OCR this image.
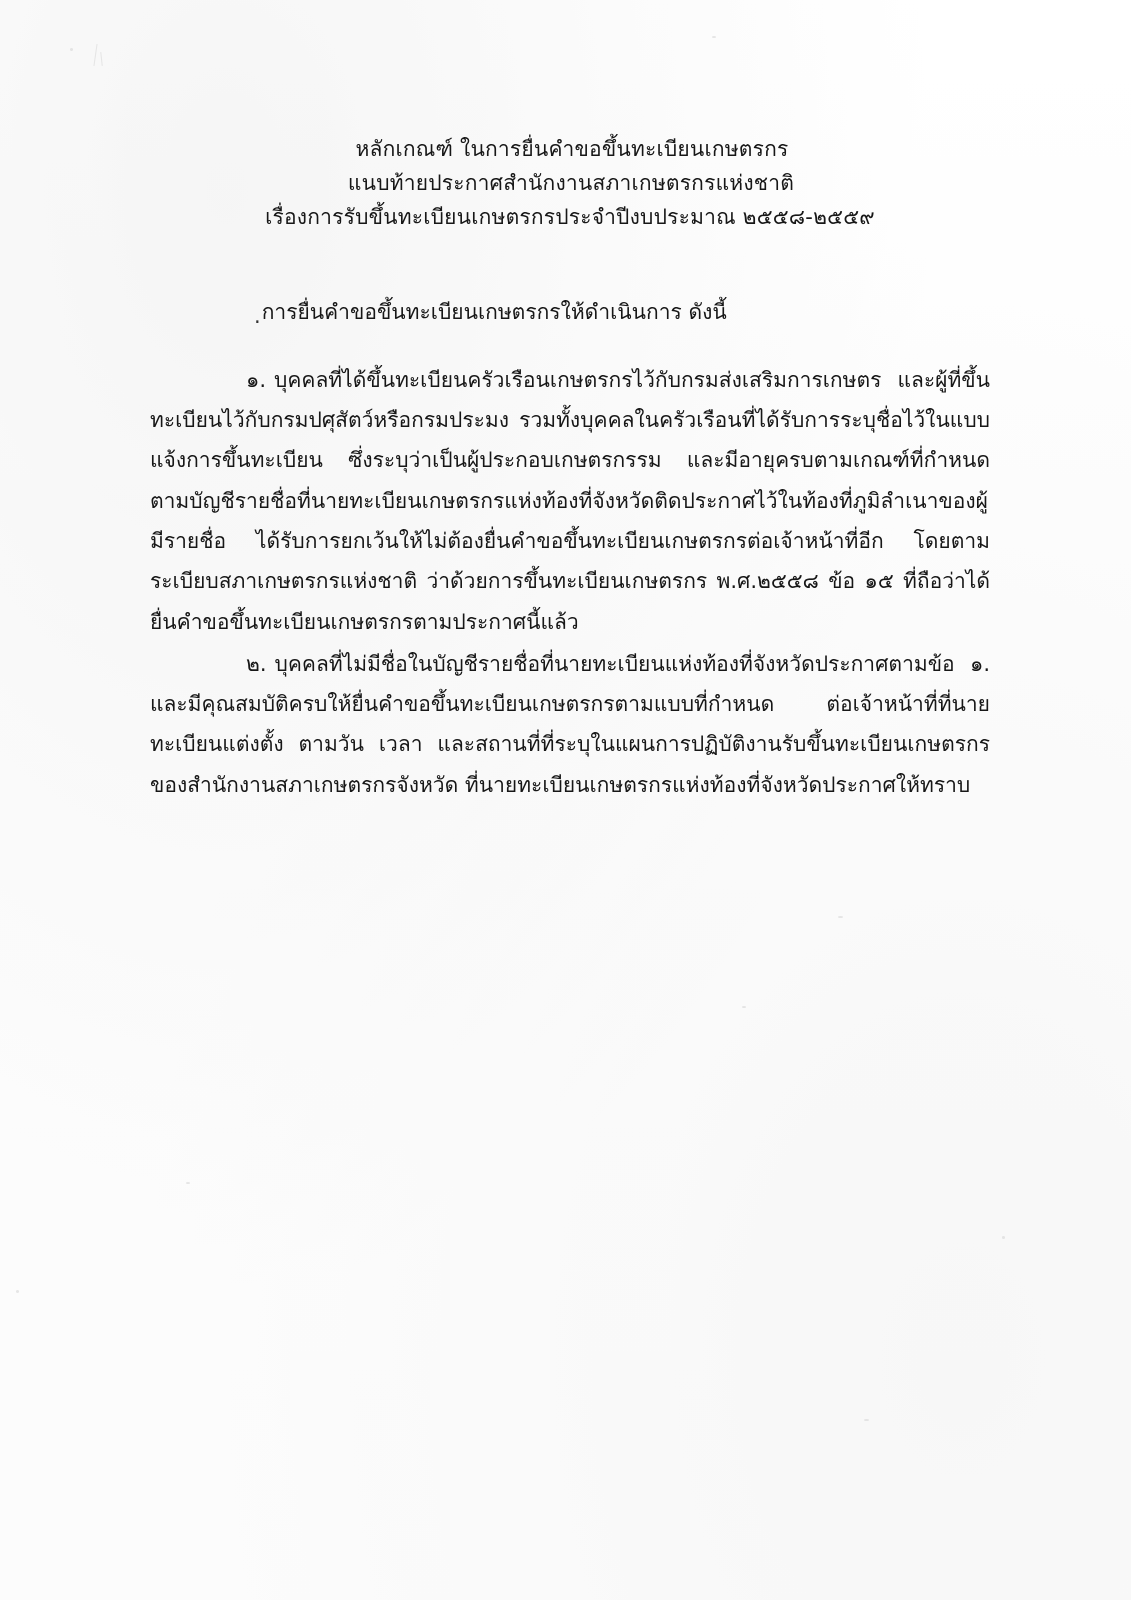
หลักเกณฑ์ ในการยื่นคำขอขึ้นทะเบียนเกษตรกร
แนบท้ายประกาศสำนักงานสภาเกษตรกรแห่งชาติ
เรื่องการรับขึ้นทะเบียนเกษตรกรประจำปีงบประมาณ ๒๕๕๘-๒๕๕๙
.การยื่นคำขอขึ้นทะเบียนเกษตรกรให้ดำเนินการ ดังนี้

๑. บุคคลที่ได้ขึ้นทะเบียนครัวเรือนเกษตรกรไว้กับกรมส่งเสริมการเกษตร และผู้ที่ขึ้นทะเบียนไว้กับกรมปศุสัตว์หรือกรมประมง รวมทั้งบุคคลในครัวเรือนที่ได้รับการระบุชื่อไว้ในแบบแจ้งการขึ้นทะเบียน ซึ่งระบุว่าเป็นผู้ประกอบเกษตรกรรม และมีอายุครบตามเกณฑ์ที่กำหนด ตามบัญชีรายชื่อที่นายทะเบียนเกษตรกรแห่งท้องที่จังหวัดติดประกาศไว้ในท้องที่ภูมิลำเนาของผู้มีรายชื่อ ได้รับการยกเว้นให้ไม่ต้องยื่นคำขอขึ้นทะเบียนเกษตรกรต่อเจ้าหน้าที่อีก โดยตามระเบียบสภาเกษตรกรแห่งชาติ ว่าด้วยการขึ้นทะเบียนเกษตรกร พ.ศ.๒๕๕๘ ข้อ ๑๕ ที่ถือว่าได้ยื่นคำขอขึ้นทะเบียนเกษตรกรตามประกาศนี้แล้ว

๒. บุคคลที่ไม่มีชื่อในบัญชีรายชื่อที่นายทะเบียนแห่งท้องที่จังหวัดประกาศตามข้อ ๑. และมีคุณสมบัติครบให้ยื่นคำขอขึ้นทะเบียนเกษตรกรตามแบบที่กำหนด ต่อเจ้าหน้าที่ที่นายทะเบียนแต่งตั้ง ตามวัน เวลา และสถานที่ที่ระบุในแผนการปฏิบัติงานรับขึ้นทะเบียนเกษตรกรของสำนักงานสภาเกษตรกรจังหวัด ที่นายทะเบียนเกษตรกรแห่งท้องที่จังหวัดประกาศให้ทราบ
